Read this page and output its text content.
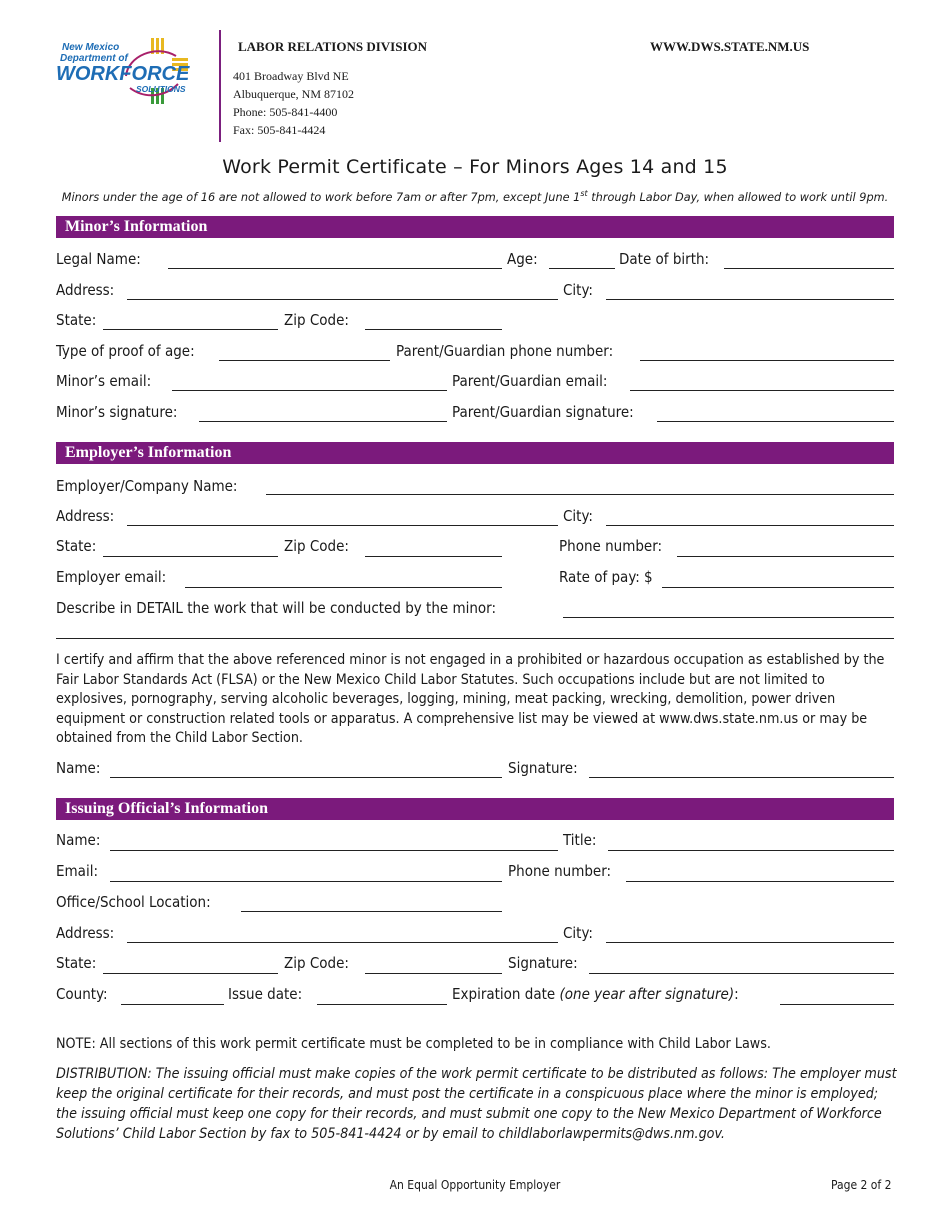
New Mexico
Department of
WORKFORCE
SOLUTIONS
LABOR RELATIONS DIVISION	WWW.DWS.STATE.NM.US
401 Broadway Blvd NE
Albuquerque, NM 87102
Phone: 505-841-4400
Fax: 505-841-4424
Work Permit Certificate – For Minors Ages 14 and 15
Minors under the age of 16 are not allowed to work before 7am or after 7pm, except June 1st through Labor Day, when allowed to work until 9pm.
Minor’s Information
Legal Name:	Age:	Date of birth:
Address:	City:
State:	Zip Code:
Type of proof of age:	Parent/Guardian phone number:
Minor’s email:	Parent/Guardian email:
Minor’s signature:	Parent/Guardian signature:
Employer’s Information
Employer/Company Name:
Address:	City:
State:	Zip Code:	Phone number:
Employer email:	Rate of pay: $
Describe in DETAIL the work that will be conducted by the minor:
I certify and affirm that the above referenced minor is not engaged in a prohibited or hazardous occupation as established by the Fair Labor Standards Act (FLSA) or the New Mexico Child Labor Statutes. Such occupations include but are not limited to explosives, pornography, serving alcoholic beverages, logging, mining, meat packing, wrecking, demolition, power driven equipment or construction related tools or apparatus. A comprehensive list may be viewed at www.dws.state.nm.us or may be obtained from the Child Labor Section.
Name:	Signature:
Issuing Official’s Information
Name:	Title:
Email:	Phone number:
Office/School Location:
Address:	City:
State:	Zip Code:	Signature:
County:	Issue date:	Expiration date (one year after signature):
NOTE: All sections of this work permit certificate must be completed to be in compliance with Child Labor Laws.
DISTRIBUTION: The issuing official must make copies of the work permit certificate to be distributed as follows: The employer must keep the original certificate for their records, and must post the certificate in a conspicuous place where the minor is employed; the issuing official must keep one copy for their records, and must submit one copy to the New Mexico Department of Workforce Solutions’ Child Labor Section by fax to 505-841-4424 or by email to childlaborlawpermits@dws.nm.gov.
An Equal Opportunity Employer	Page 2 of 2
